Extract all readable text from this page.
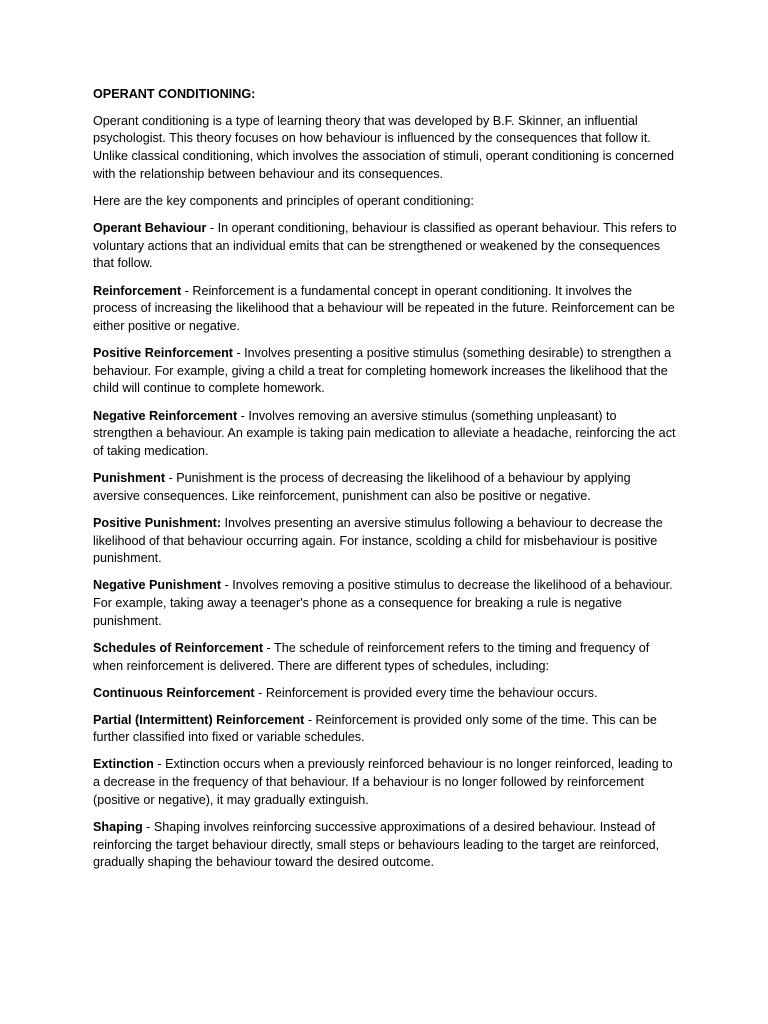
OPERANT CONDITIONING:

Operant conditioning is a type of learning theory that was developed by B.F. Skinner, an influential psychologist. This theory focuses on how behaviour is influenced by the consequences that follow it. Unlike classical conditioning, which involves the association of stimuli, operant conditioning is concerned with the relationship between behaviour and its consequences.

Here are the key components and principles of operant conditioning:

Operant Behaviour - In operant conditioning, behaviour is classified as operant behaviour. This refers to voluntary actions that an individual emits that can be strengthened or weakened by the consequences that follow.

Reinforcement - Reinforcement is a fundamental concept in operant conditioning. It involves the process of increasing the likelihood that a behaviour will be repeated in the future. Reinforcement can be either positive or negative.

Positive Reinforcement - Involves presenting a positive stimulus (something desirable) to strengthen a behaviour. For example, giving a child a treat for completing homework increases the likelihood that the child will continue to complete homework.

Negative Reinforcement - Involves removing an aversive stimulus (something unpleasant) to strengthen a behaviour. An example is taking pain medication to alleviate a headache, reinforcing the act of taking medication.

Punishment - Punishment is the process of decreasing the likelihood of a behaviour by applying aversive consequences. Like reinforcement, punishment can also be positive or negative.

Positive Punishment: Involves presenting an aversive stimulus following a behaviour to decrease the likelihood of that behaviour occurring again. For instance, scolding a child for misbehaviour is positive punishment.

Negative Punishment - Involves removing a positive stimulus to decrease the likelihood of a behaviour. For example, taking away a teenager's phone as a consequence for breaking a rule is negative punishment.

Schedules of Reinforcement - The schedule of reinforcement refers to the timing and frequency of when reinforcement is delivered. There are different types of schedules, including:

Continuous Reinforcement - Reinforcement is provided every time the behaviour occurs.

Partial (Intermittent) Reinforcement - Reinforcement is provided only some of the time. This can be further classified into fixed or variable schedules.

Extinction - Extinction occurs when a previously reinforced behaviour is no longer reinforced, leading to a decrease in the frequency of that behaviour. If a behaviour is no longer followed by reinforcement (positive or negative), it may gradually extinguish.

Shaping - Shaping involves reinforcing successive approximations of a desired behaviour. Instead of reinforcing the target behaviour directly, small steps or behaviours leading to the target are reinforced, gradually shaping the behaviour toward the desired outcome.
